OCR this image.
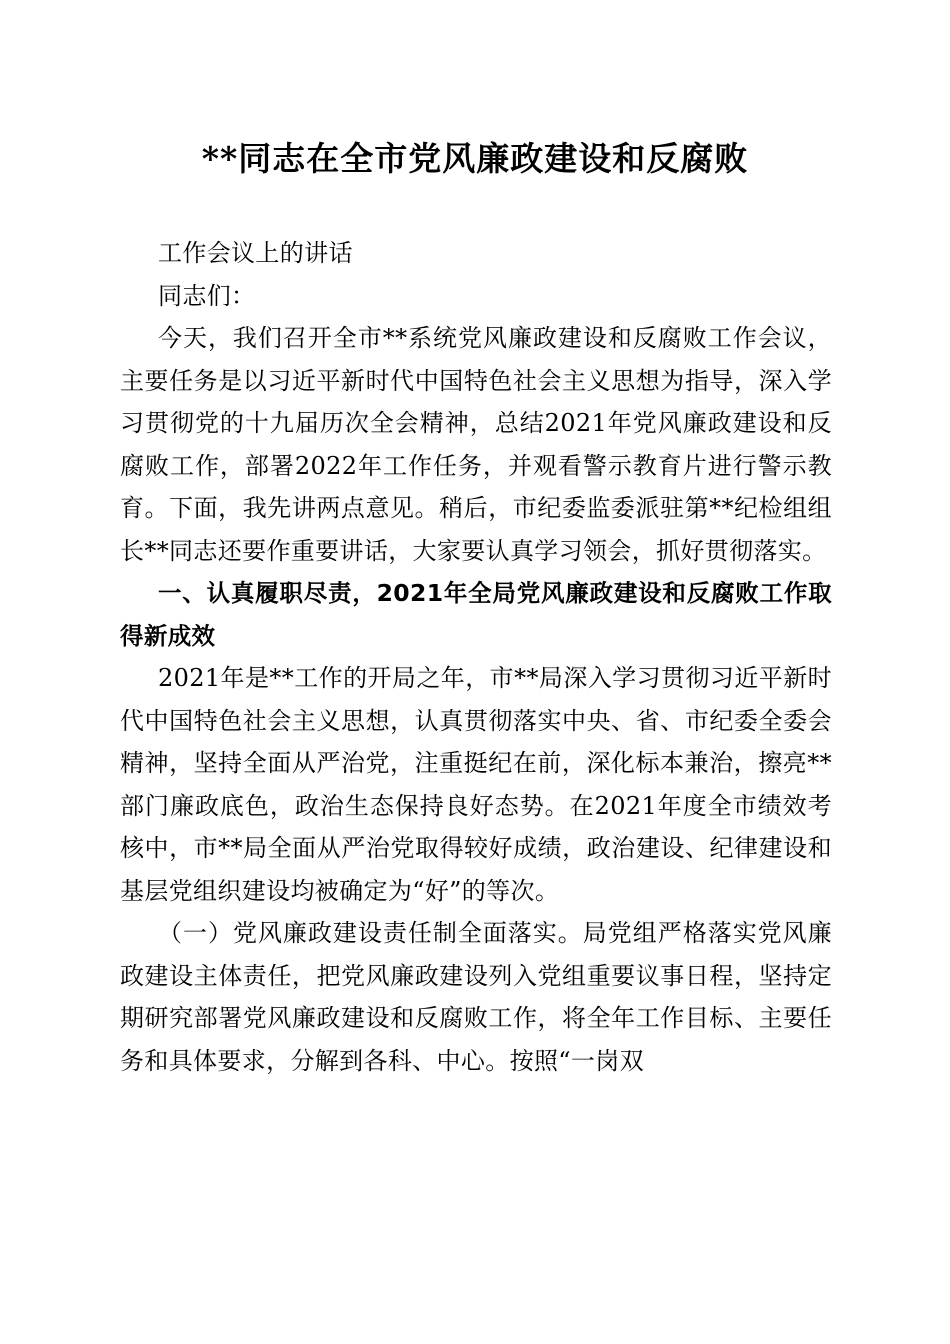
**同志在全市党风廉政建设和反腐败

工作会议上的讲话

同志们：

今天，我们召开全市**系统党风廉政建设和反腐败工作会议，主要任务是以习近平新时代中国特色社会主义思想为指导，深入学习贯彻党的十九届历次全会精神，总结2021年党风廉政建设和反腐败工作，部署2022年工作任务，并观看警示教育片进行警示教育。下面，我先讲两点意见。稍后，市纪委监委派驻第**纪检组组长**同志还要作重要讲话，大家要认真学习领会，抓好贯彻落实。

一、认真履职尽责，2021年全局党风廉政建设和反腐败工作取得新成效

2021年是**工作的开局之年，市**局深入学习贯彻习近平新时代中国特色社会主义思想，认真贯彻落实中央、省、市纪委全委会精神，坚持全面从严治党，注重挺纪在前，深化标本兼治，擦亮**部门廉政底色，政治生态保持良好态势。在2021年度全市绩效考核中，市**局全面从严治党取得较好成绩，政治建设、纪律建设和基层党组织建设均被确定为“好”的等次。

（一）党风廉政建设责任制全面落实。局党组严格落实党风廉政建设主体责任，把党风廉政建设列入党组重要议事日程，坚持定期研究部署党风廉政建设和反腐败工作，将全年工作目标、主要任务和具体要求，分解到各科、中心。按照“一岗双
